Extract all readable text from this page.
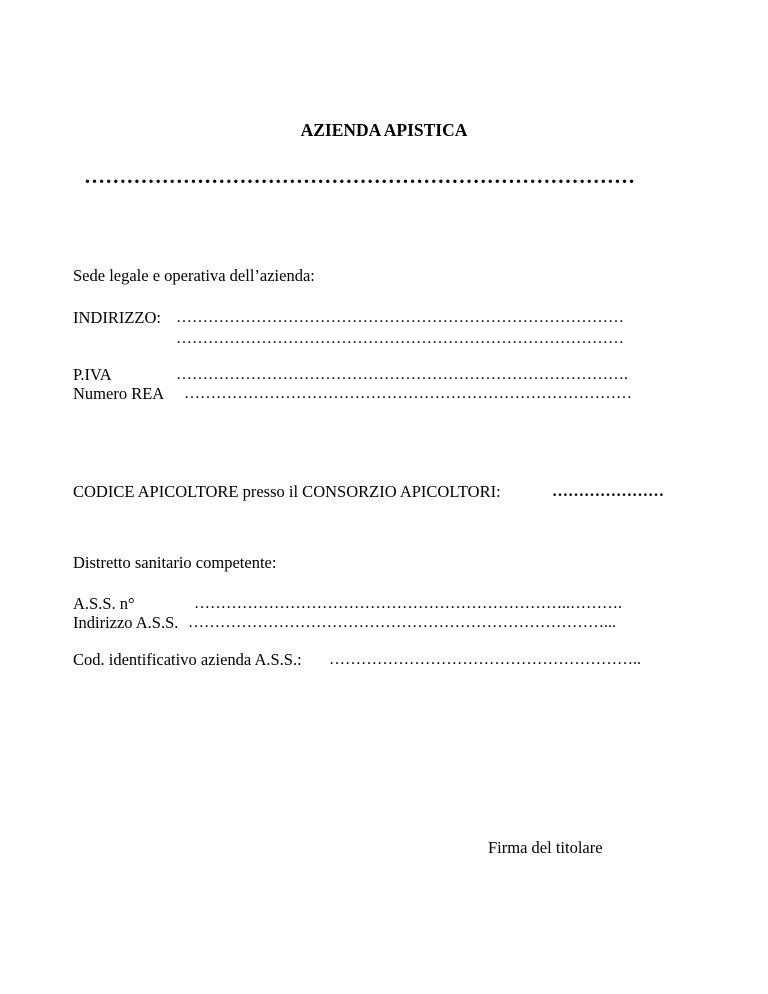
AZIENDA APISTICA
……………………………………………………………………
Sede legale e operativa dell’azienda:
INDIRIZZO: …………………………………………………………………………
…………………………………………………………………………
P.IVA	………………………………………………………………………….
Numero REA …………………………………………………………………………
CODICE APICOLTORE presso il CONSORZIO APICOLTORI:	…………………
Distretto sanitario competente:
A.S.S. n°	……………………………………………………………..……….
Indirizzo A.S.S. ……………………………………………………………………...
Cod. identificativo azienda A.S.S.: …………………………………………………..
Firma del titolare
